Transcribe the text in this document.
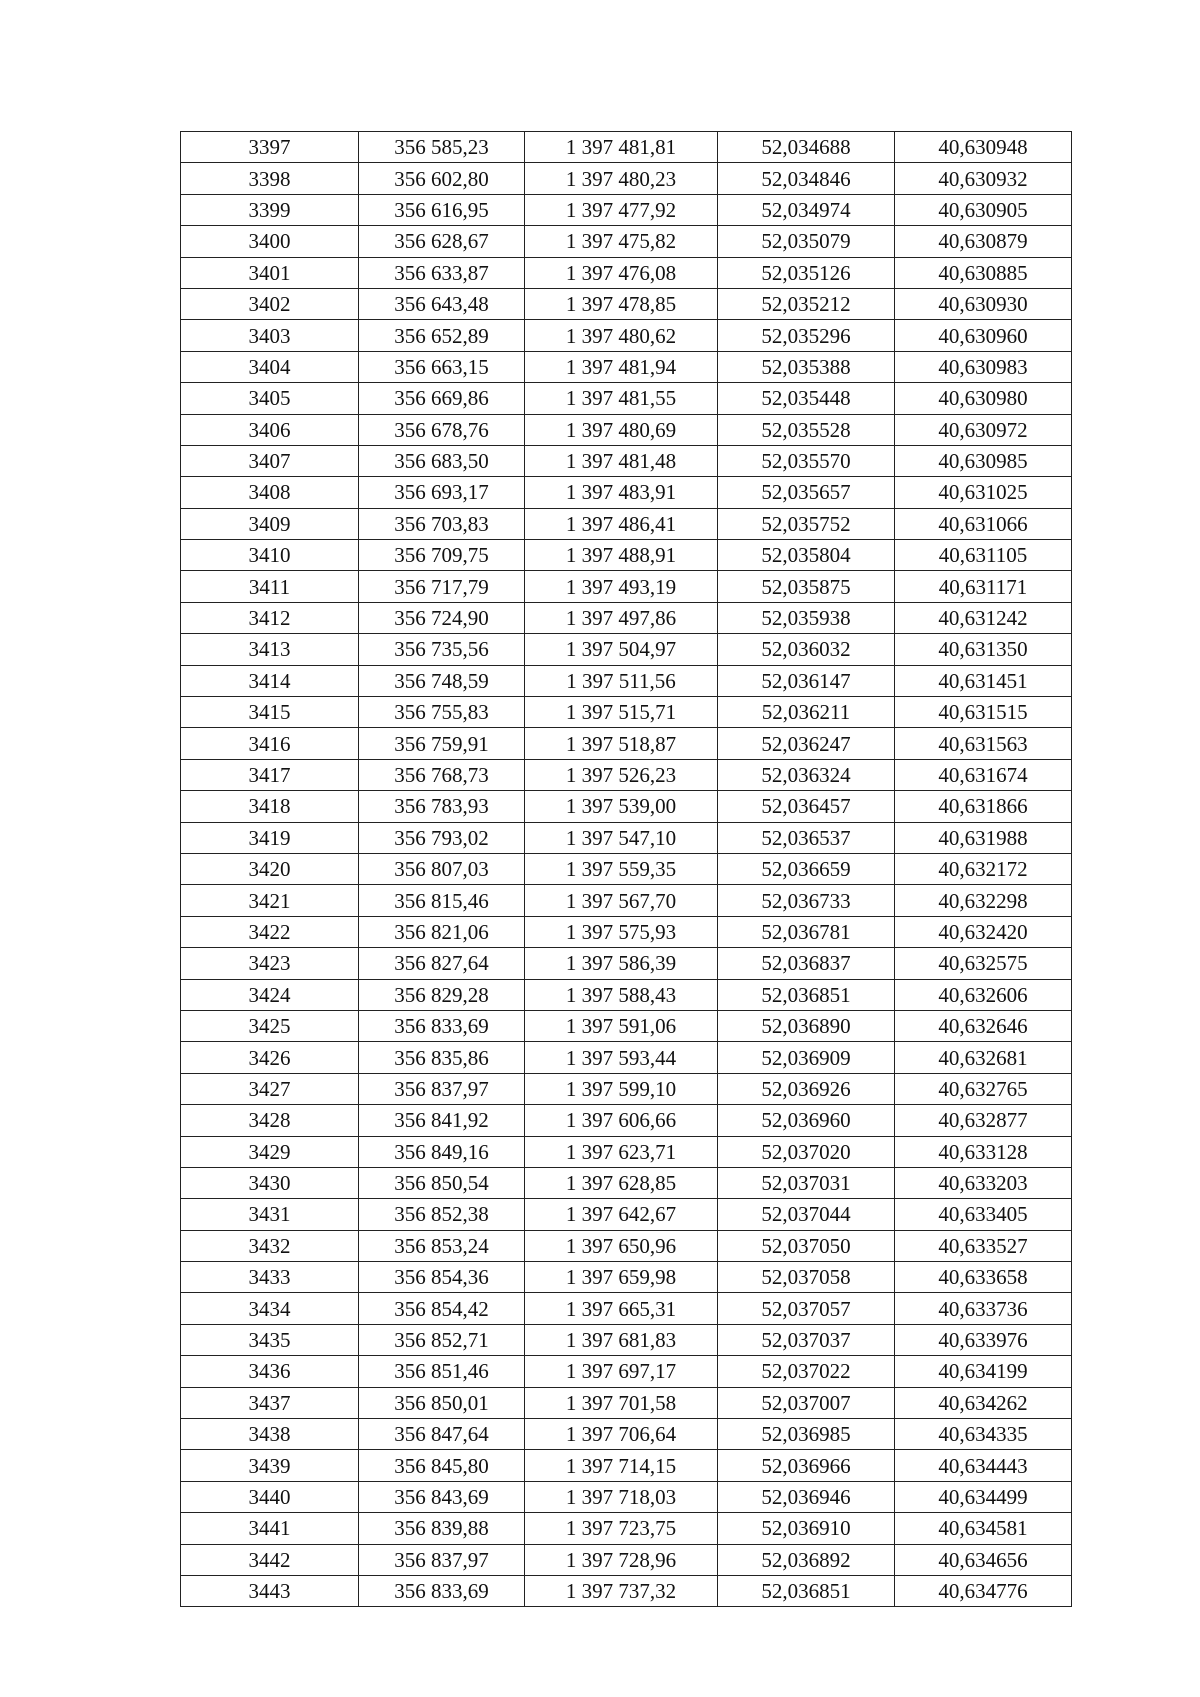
3397	356 585,23	1 397 481,81	52,034688	40,630948
3398	356 602,80	1 397 480,23	52,034846	40,630932
3399	356 616,95	1 397 477,92	52,034974	40,630905
3400	356 628,67	1 397 475,82	52,035079	40,630879
3401	356 633,87	1 397 476,08	52,035126	40,630885
3402	356 643,48	1 397 478,85	52,035212	40,630930
3403	356 652,89	1 397 480,62	52,035296	40,630960
3404	356 663,15	1 397 481,94	52,035388	40,630983
3405	356 669,86	1 397 481,55	52,035448	40,630980
3406	356 678,76	1 397 480,69	52,035528	40,630972
3407	356 683,50	1 397 481,48	52,035570	40,630985
3408	356 693,17	1 397 483,91	52,035657	40,631025
3409	356 703,83	1 397 486,41	52,035752	40,631066
3410	356 709,75	1 397 488,91	52,035804	40,631105
3411	356 717,79	1 397 493,19	52,035875	40,631171
3412	356 724,90	1 397 497,86	52,035938	40,631242
3413	356 735,56	1 397 504,97	52,036032	40,631350
3414	356 748,59	1 397 511,56	52,036147	40,631451
3415	356 755,83	1 397 515,71	52,036211	40,631515
3416	356 759,91	1 397 518,87	52,036247	40,631563
3417	356 768,73	1 397 526,23	52,036324	40,631674
3418	356 783,93	1 397 539,00	52,036457	40,631866
3419	356 793,02	1 397 547,10	52,036537	40,631988
3420	356 807,03	1 397 559,35	52,036659	40,632172
3421	356 815,46	1 397 567,70	52,036733	40,632298
3422	356 821,06	1 397 575,93	52,036781	40,632420
3423	356 827,64	1 397 586,39	52,036837	40,632575
3424	356 829,28	1 397 588,43	52,036851	40,632606
3425	356 833,69	1 397 591,06	52,036890	40,632646
3426	356 835,86	1 397 593,44	52,036909	40,632681
3427	356 837,97	1 397 599,10	52,036926	40,632765
3428	356 841,92	1 397 606,66	52,036960	40,632877
3429	356 849,16	1 397 623,71	52,037020	40,633128
3430	356 850,54	1 397 628,85	52,037031	40,633203
3431	356 852,38	1 397 642,67	52,037044	40,633405
3432	356 853,24	1 397 650,96	52,037050	40,633527
3433	356 854,36	1 397 659,98	52,037058	40,633658
3434	356 854,42	1 397 665,31	52,037057	40,633736
3435	356 852,71	1 397 681,83	52,037037	40,633976
3436	356 851,46	1 397 697,17	52,037022	40,634199
3437	356 850,01	1 397 701,58	52,037007	40,634262
3438	356 847,64	1 397 706,64	52,036985	40,634335
3439	356 845,80	1 397 714,15	52,036966	40,634443
3440	356 843,69	1 397 718,03	52,036946	40,634499
3441	356 839,88	1 397 723,75	52,036910	40,634581
3442	356 837,97	1 397 728,96	52,036892	40,634656
3443	356 833,69	1 397 737,32	52,036851	40,634776
